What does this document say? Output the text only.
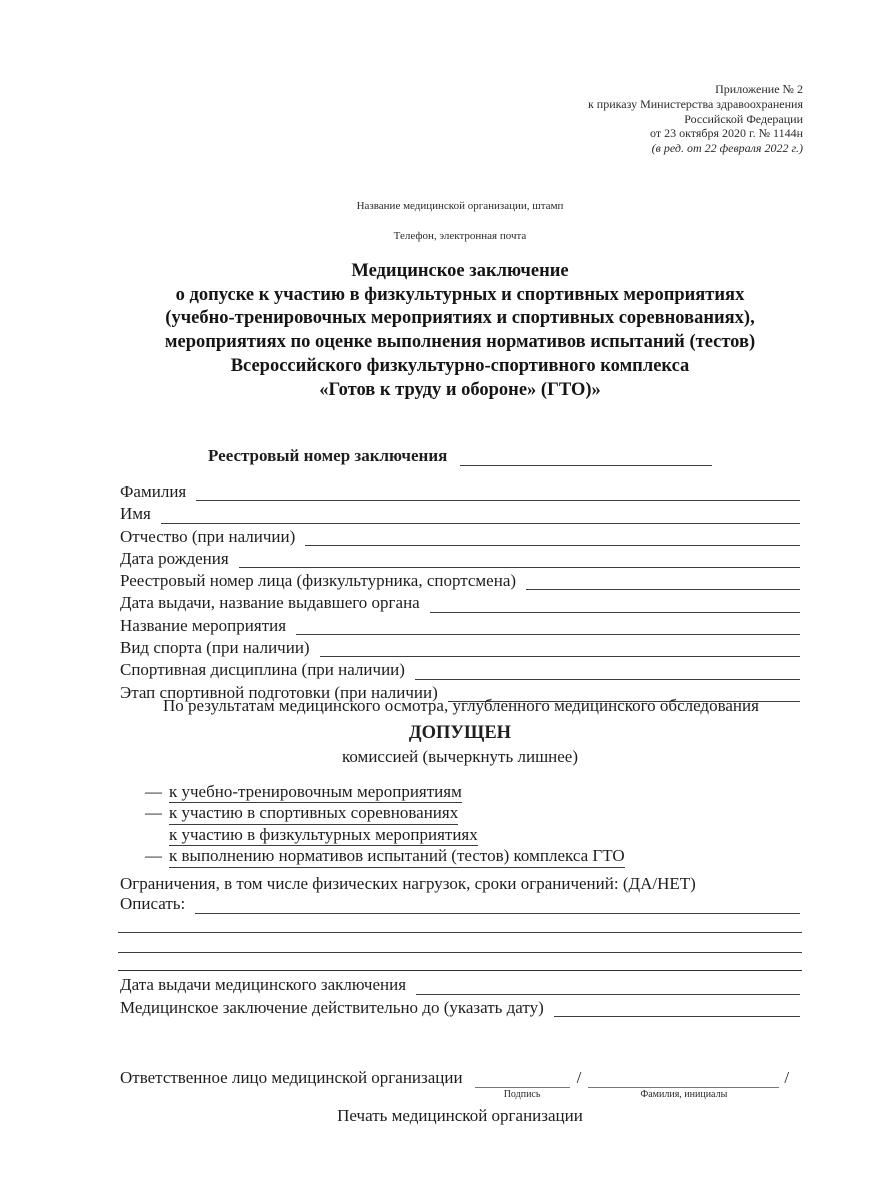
Приложение № 2
к приказу Министерства здравоохранения
Российской Федерации
от 23 октября 2020 г. № 1144н
(в ред. от 22 февраля 2022 г.)
Название медицинской организации, штамп
Телефон, электронная почта
Медицинское заключение
о допуске к участию в физкультурных и спортивных мероприятиях
(учебно-тренировочных мероприятиях и спортивных соревнованиях),
мероприятиях по оценке выполнения нормативов испытаний (тестов)
Всероссийского физкультурно-спортивного комплекса
«Готов к труду и обороне» (ГТО)»
Реестровый номер заключения
Фамилия
Имя
Отчество (при наличии)
Дата рождения
Реестровый номер лица (физкультурника, спортсмена)
Дата выдачи, название выдавшего органа
Название мероприятия
Вид спорта (при наличии)
Спортивная дисциплина (при наличии)
Этап спортивной подготовки (при наличии)
По результатам медицинского осмотра, углубленного медицинского обследования
ДОПУЩЕН
комиссией (вычеркнуть лишнее)
— к учебно-тренировочным мероприятиям
— к участию в спортивных соревнованиях
к участию в физкультурных мероприятиях
— к выполнению нормативов испытаний (тестов) комплекса ГТО
Ограничения, в том числе физических нагрузок, сроки ограничений: (ДА/НЕТ)
Описать:
Дата выдачи медицинского заключения
Медицинское заключение действительно до (указать дату)
Ответственное лицо медицинской организации
Подпись
/
Фамилия, инициалы
/
Печать медицинской организации
